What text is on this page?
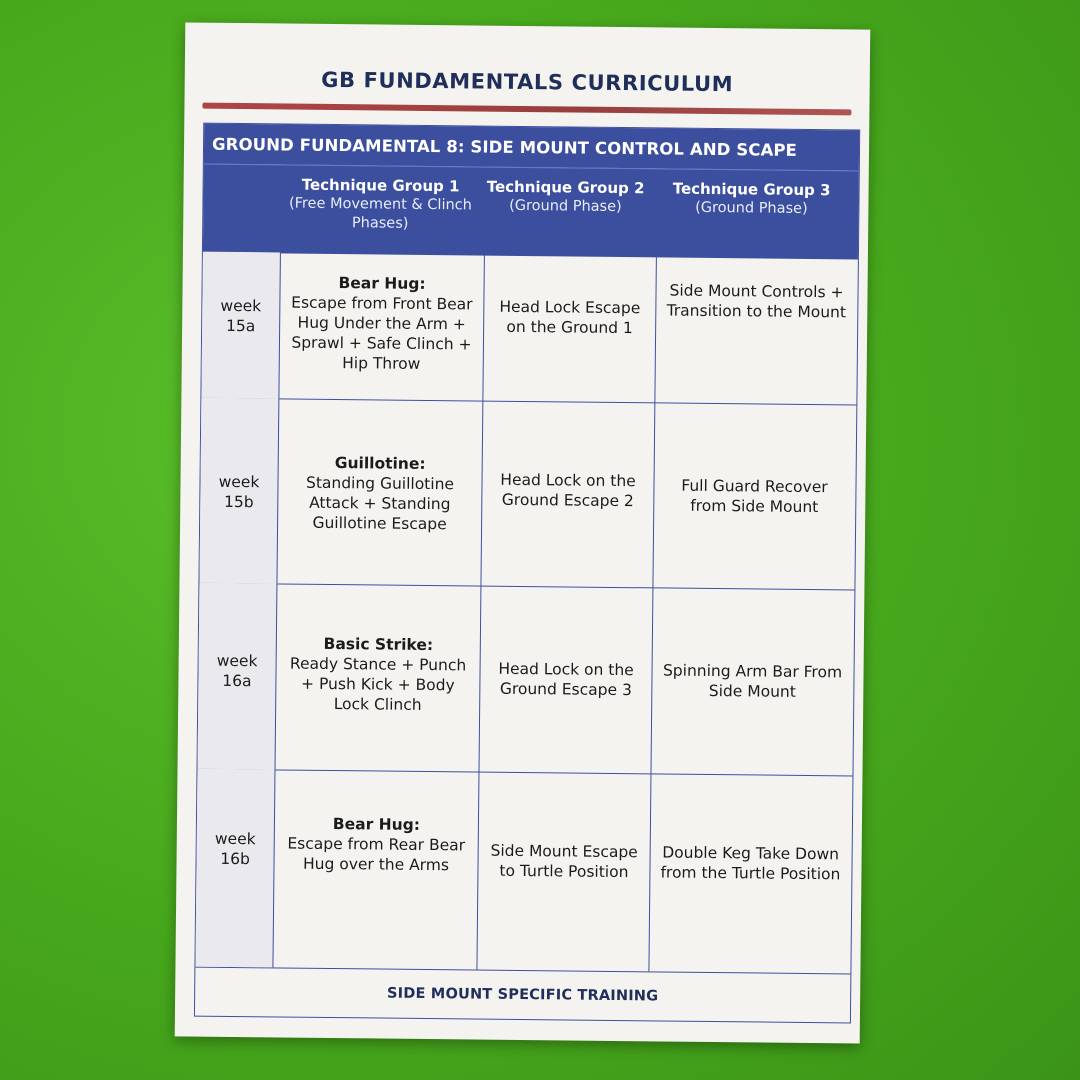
GB FUNDAMENTALS CURRICULUM
GROUND FUNDAMENTAL 8: SIDE MOUNT CONTROL AND SCAPE
Technique Group 1
(Free Movement & Clinch Phases)
Technique Group 2
(Ground Phase)
Technique Group 3
(Ground Phase)
week 15a
Bear Hug:
Escape from Front Bear Hug Under the Arm + Sprawl + Safe Clinch + Hip Throw
Head Lock Escape on the Ground 1
Side Mount Controls + Transition to the Mount
week 15b
Guillotine:
Standing Guillotine Attack + Standing Guillotine Escape
Head Lock on the Ground Escape 2
Full Guard Recover from Side Mount
week 16a
Basic Strike:
Ready Stance + Punch + Push Kick + Body Lock Clinch
Head Lock on the Ground Escape 3
Spinning Arm Bar From Side Mount
week 16b
Bear Hug:
Escape from Rear Bear Hug over the Arms
Side Mount Escape to Turtle Position
Double Keg Take Down from the Turtle Position
SIDE MOUNT SPECIFIC TRAINING
